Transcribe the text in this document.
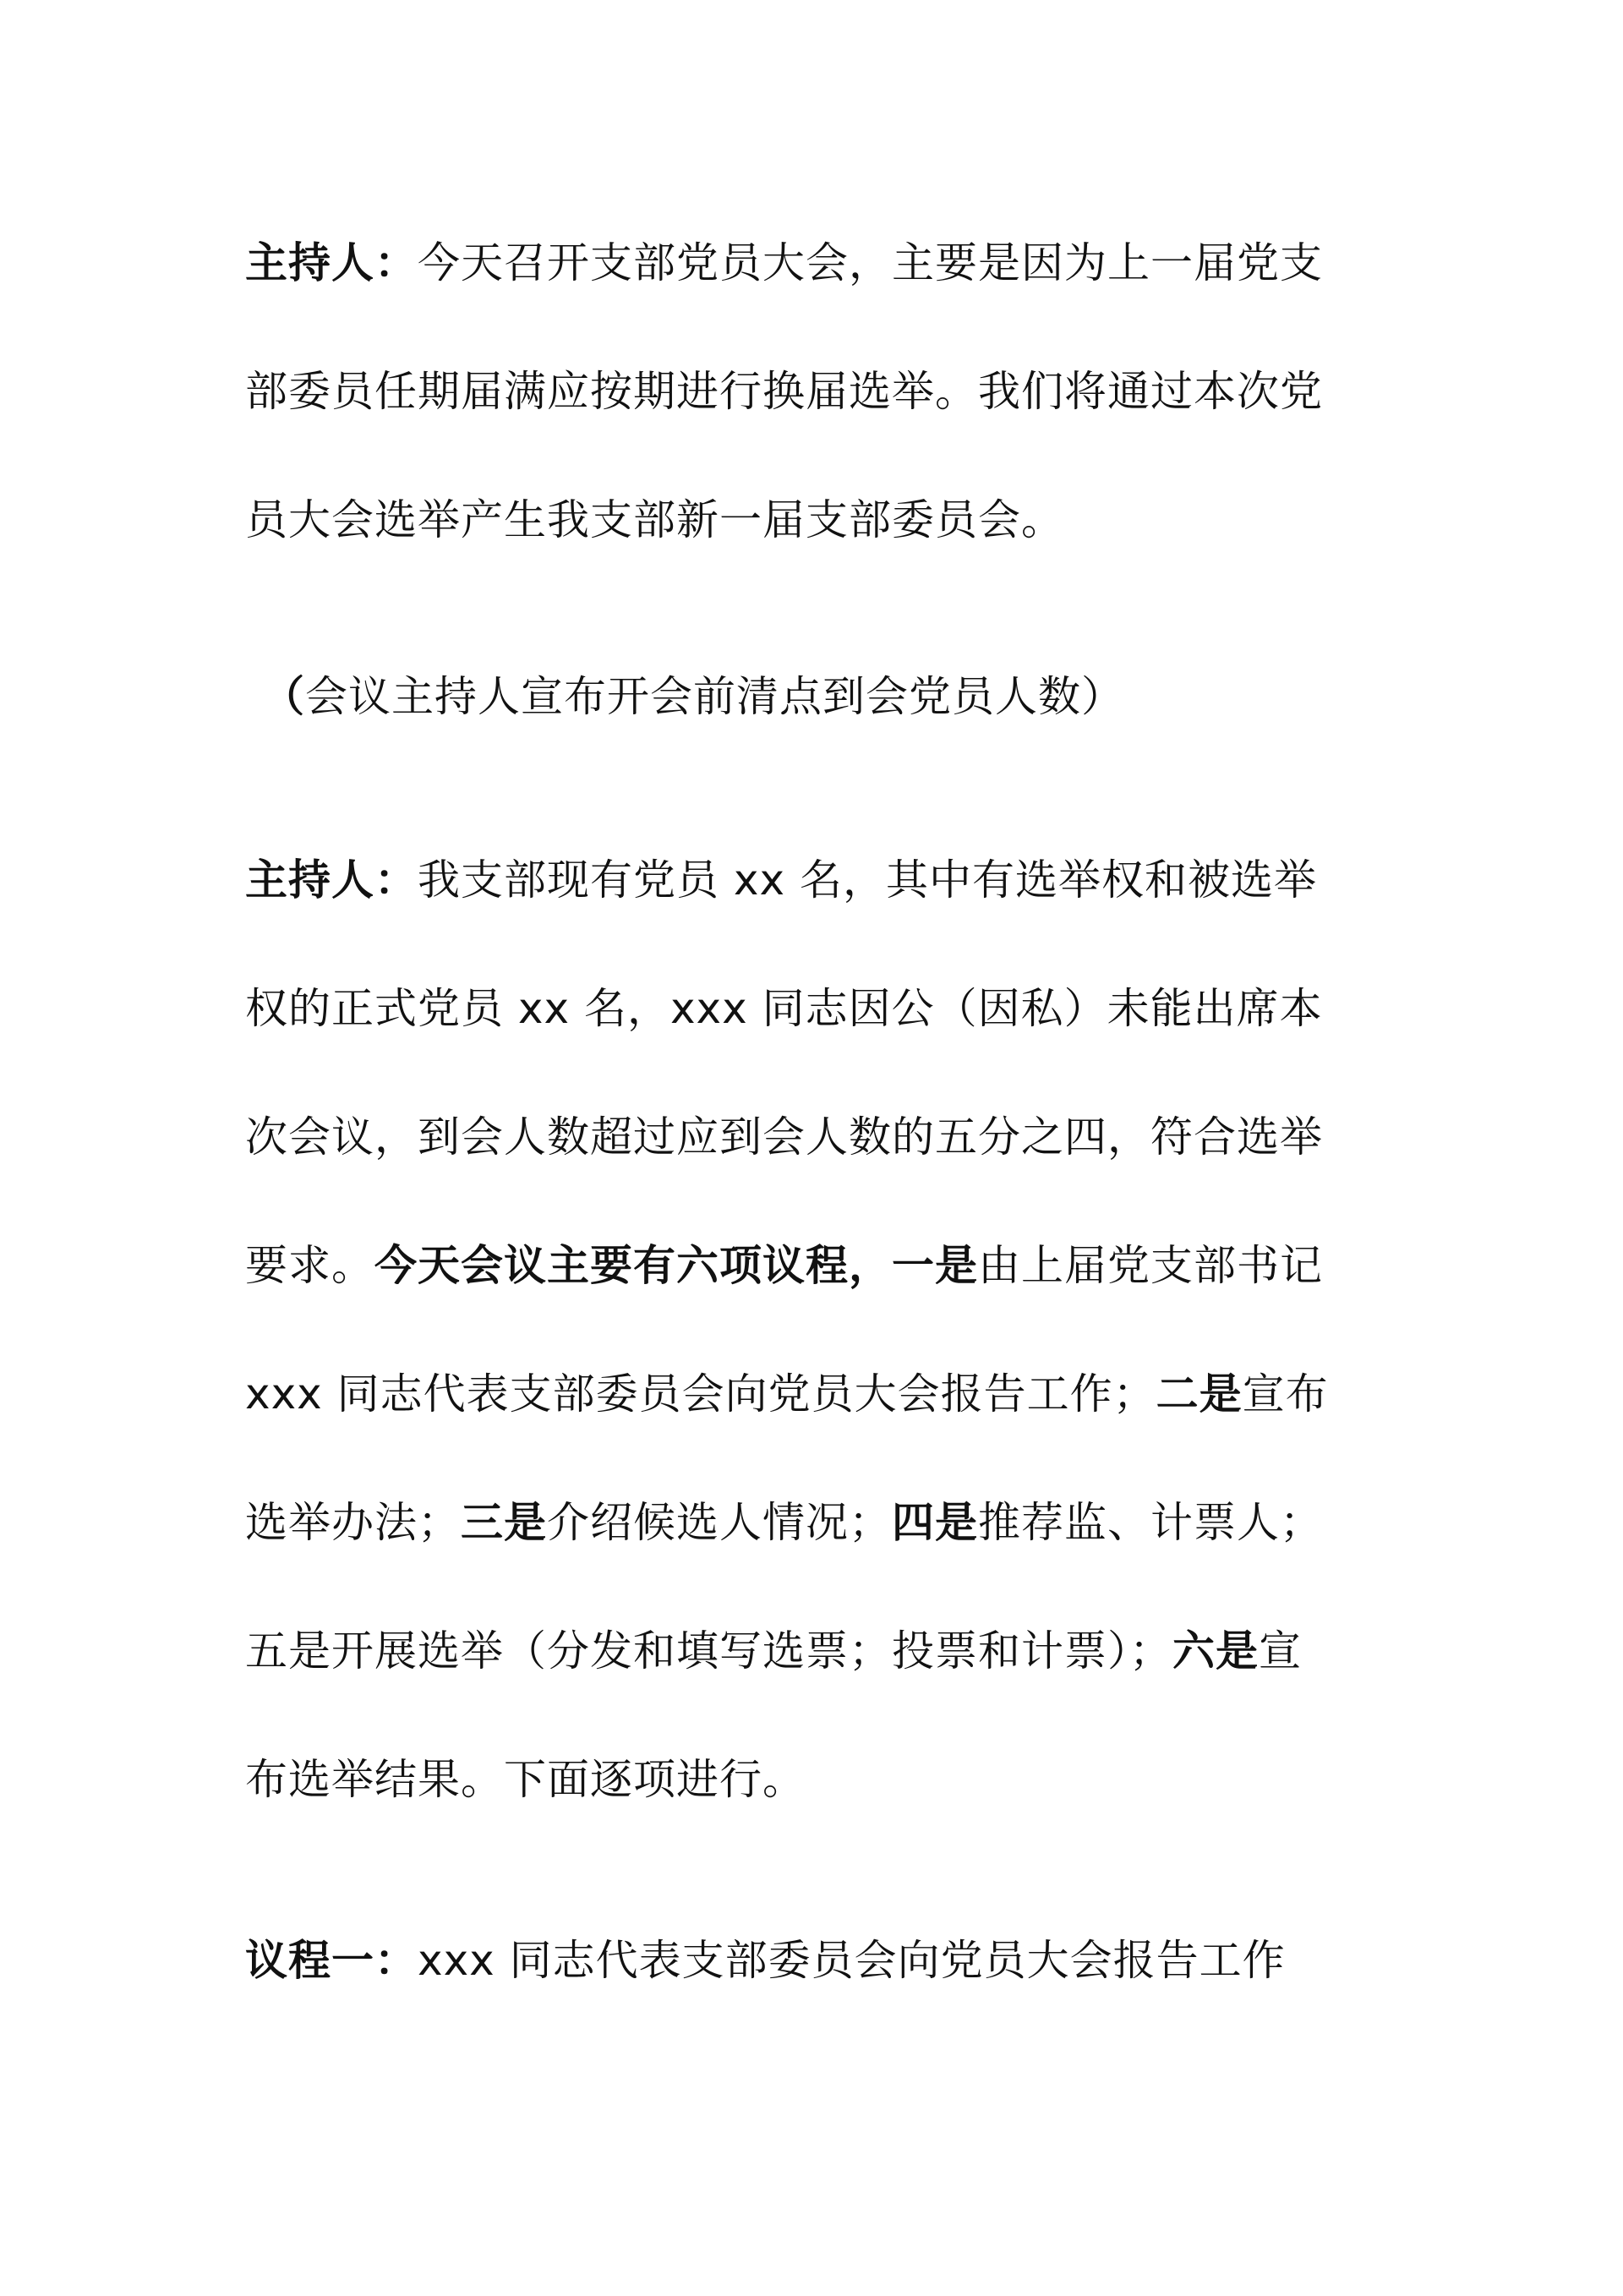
主持人：今天召开支部党员大会，主要是因为上一届党支
部委员任期届满应按期进行换届选举。我们将通过本次党
员大会选举产生我支部新一届支部委员会。
（会议主持人宣布开会前清点到会党员人数）
主持人：我支部现有党员 xx 名，其中有选举权和被选举
权的正式党员 xx 名，xxx 同志因公（因私）未能出席本
次会议，到会人数超过应到会人数的五分之四，符合选举
要求。今天会议主要有六项议程，一是由上届党支部书记
xxx 同志代表支部委员会向党员大会报告工作；二是宣布
选举办法；三是介绍候选人情况；四是推荐监、计票人；
五是开展选举（分发和填写选票；投票和计票）；六是宣
布选举结果。下面逐项进行。
议程一：xxx 同志代表支部委员会向党员大会报告工作
